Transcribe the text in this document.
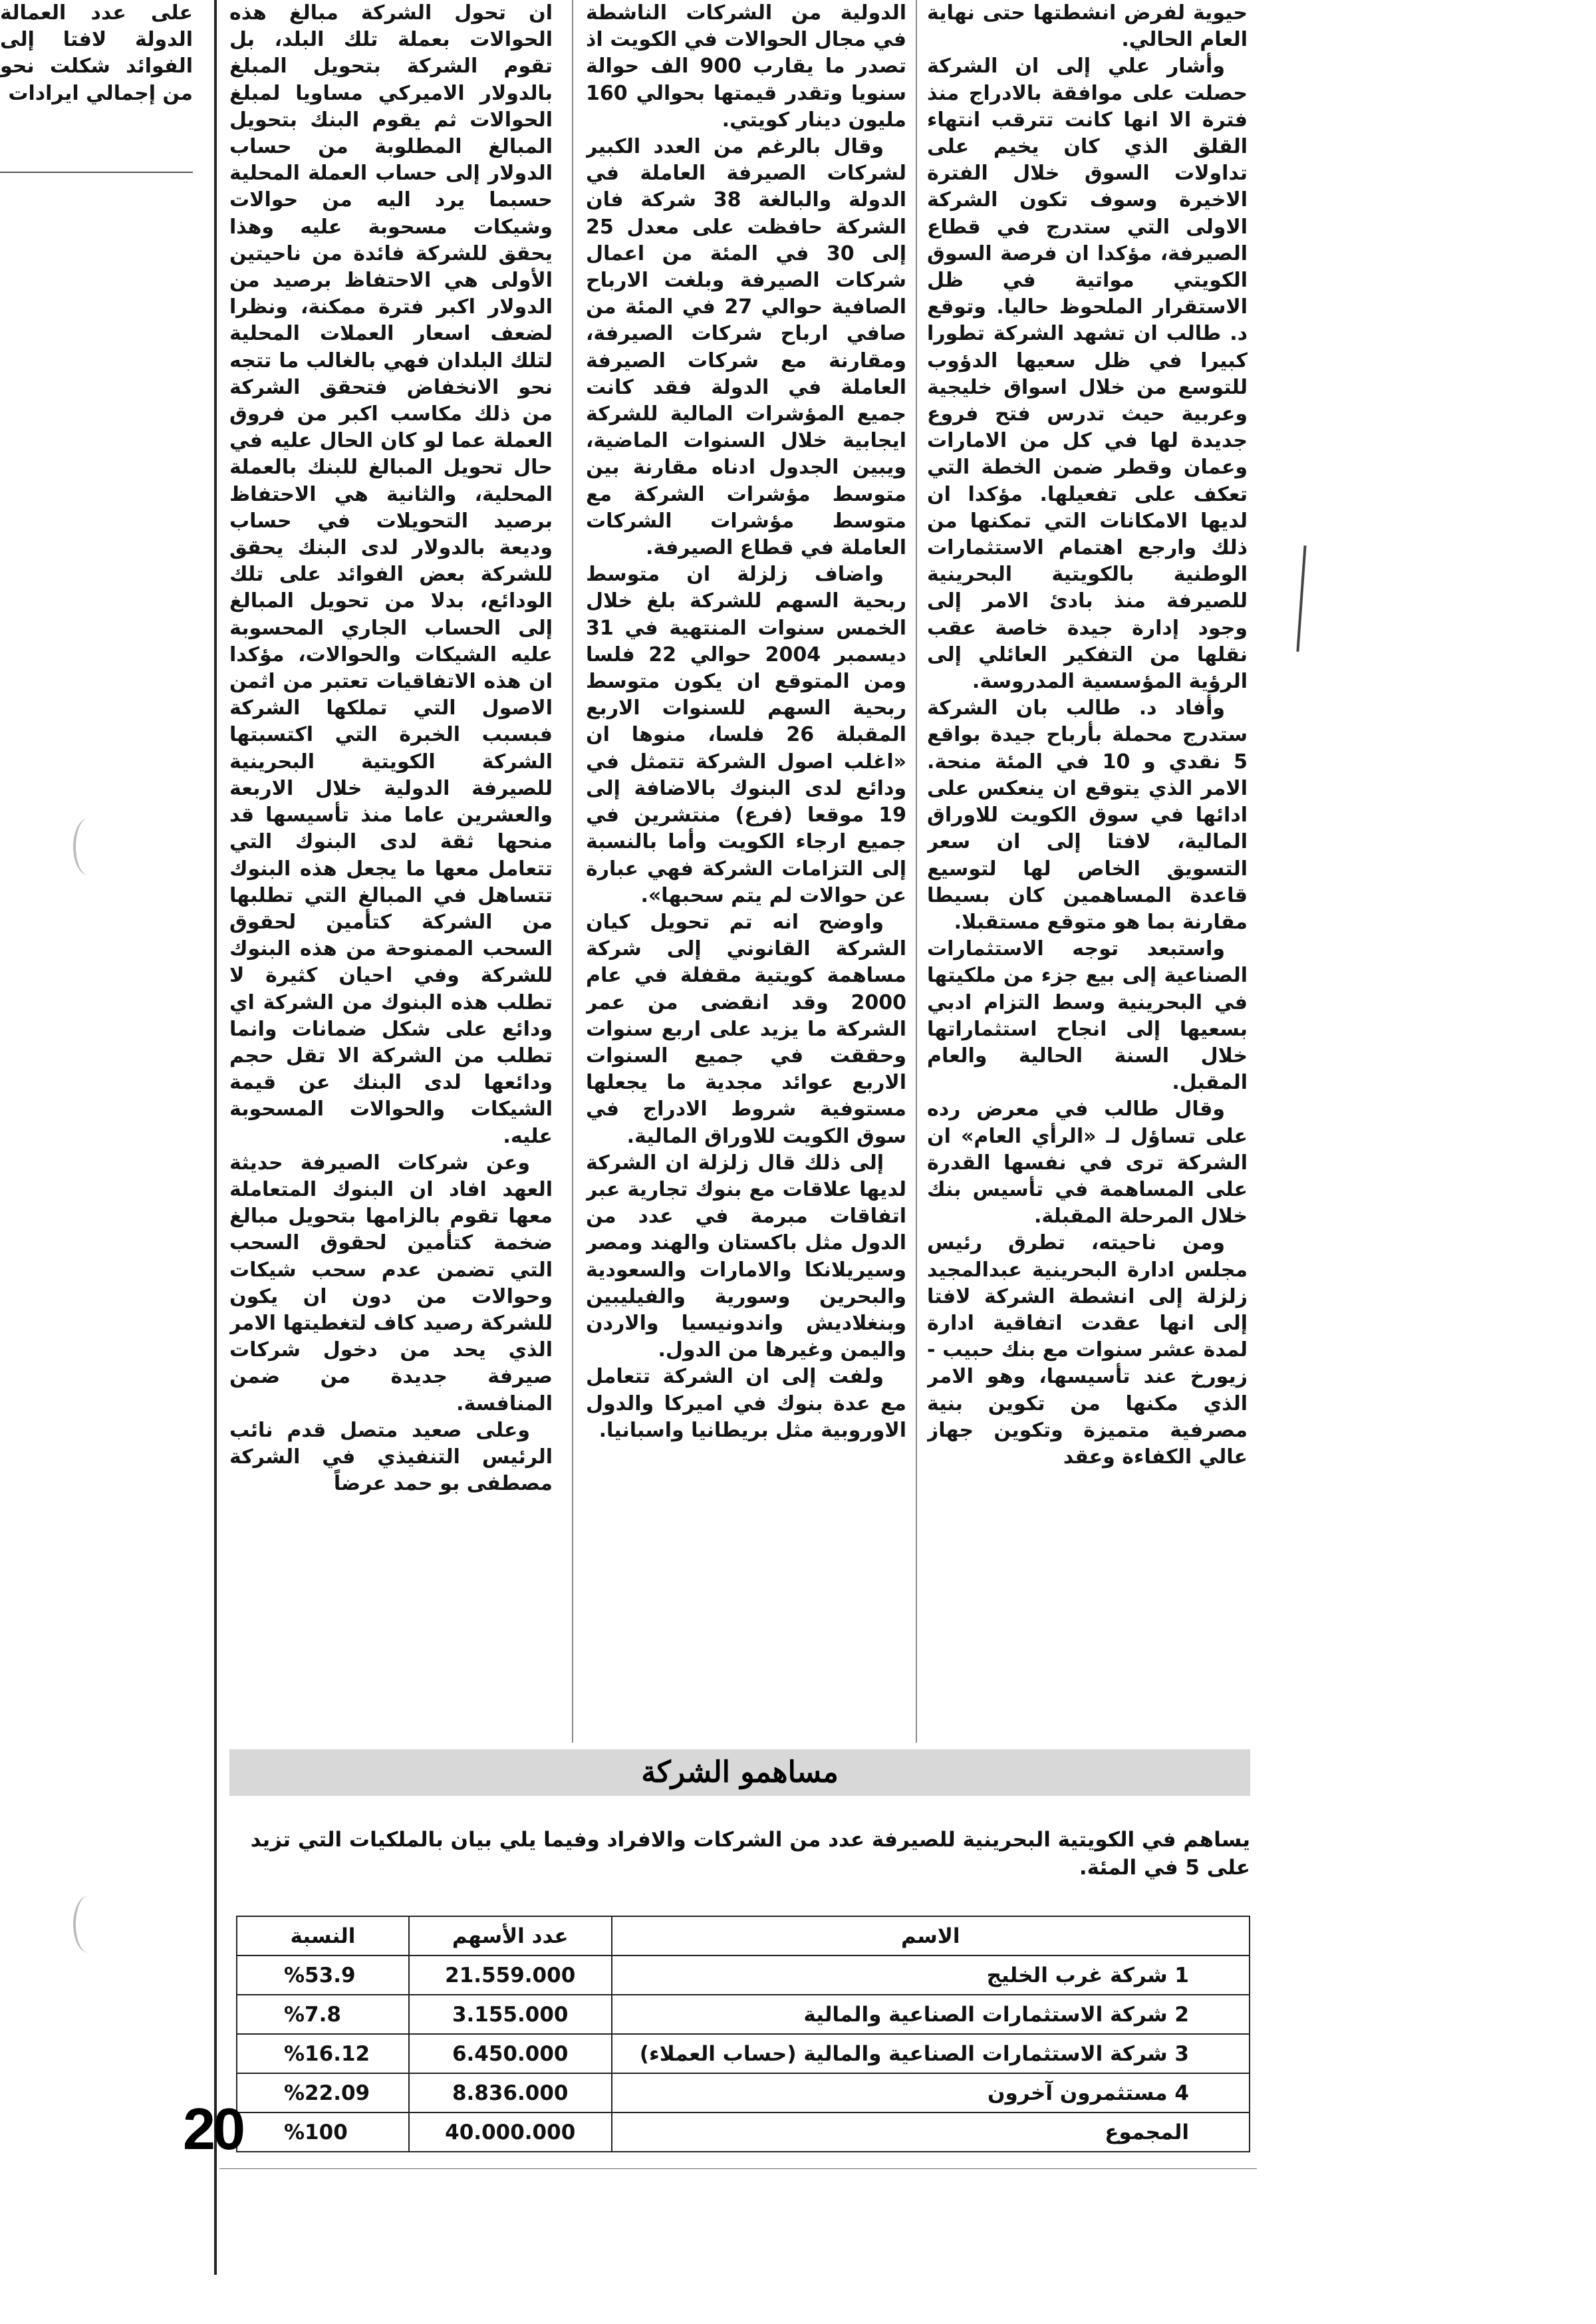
حيوية لفرض انشطتها حتى نهاية العام الحالي.

وأشار علي إلى ان الشركة حصلت على موافقة بالادراج منذ فترة الا انها كانت تترقب انتهاء القلق الذي كان يخيم على تداولات السوق خلال الفترة الاخيرة وسوف تكون الشركة الاولى التي ستدرج في قطاع الصيرفة، مؤكدا ان فرصة السوق الكويتي مواتية في ظل الاستقرار الملحوظ حاليا. وتوقع د. طالب ان تشهد الشركة تطورا كبيرا في ظل سعيها الدؤوب للتوسع من خلال اسواق خليجية وعربية حيث تدرس فتح فروع جديدة لها في كل من الامارات وعمان وقطر ضمن الخطة التي تعكف على تفعيلها. مؤكدا ان لديها الامكانات التي تمكنها من ذلك وارجع اهتمام الاستثمارات الوطنية بالكويتية البحرينية للصيرفة منذ بادئ الامر إلى وجود إدارة جيدة خاصة عقب نقلها من التفكير العائلي إلى الرؤية المؤسسية المدروسة.

وأفاد د. طالب بان الشركة ستدرج محملة بأرباح جيدة بواقع 5 نقدي و 10 في المئة منحة. الامر الذي يتوقع ان ينعكس على ادائها في سوق الكويت للاوراق المالية، لافتا إلى ان سعر التسويق الخاص لها لتوسيع قاعدة المساهمين كان بسيطا مقارنة بما هو متوقع مستقبلا.

واستبعد توجه الاستثمارات الصناعية إلى بيع جزء من ملكيتها في البحرينية وسط التزام ادبي بسعيها إلى انجاح استثماراتها خلال السنة الحالية والعام المقبل.

وقال طالب في معرض رده على تساؤل لـ «الرأي العام» ان الشركة ترى في نفسها القدرة على المساهمة في تأسيس بنك خلال المرحلة المقبلة.

ومن ناحيته، تطرق رئيس مجلس ادارة البحرينية عبدالمجيد زلزلة إلى انشطة الشركة لافتا إلى انها عقدت اتفاقية ادارة لمدة عشر سنوات مع بنك حبيب - زيورخ عند تأسيسها، وهو الامر الذي مكنها من تكوين بنية مصرفية متميزة وتكوين جهاز عالي الكفاءة وعقد

الدولية من الشركات الناشطة في مجال الحوالات في الكويت اذ تصدر ما يقارب 900 الف حوالة سنويا وتقدر قيمتها بحوالي 160 مليون دينار كويتي.

وقال بالرغم من العدد الكبير لشركات الصيرفة العاملة في الدولة والبالغة 38 شركة فان الشركة حافظت على معدل 25 إلى 30 في المئة من اعمال شركات الصيرفة وبلغت الارباح الصافية حوالي 27 في المئة من صافي ارباح شركات الصيرفة، ومقارنة مع شركات الصيرفة العاملة في الدولة فقد كانت جميع المؤشرات المالية للشركة ايجابية خلال السنوات الماضية، ويبين الجدول ادناه مقارنة بين متوسط مؤشرات الشركة مع متوسط مؤشرات الشركات العاملة في قطاع الصيرفة.

واضاف زلزلة ان متوسط ربحية السهم للشركة بلغ خلال الخمس سنوات المنتهية في 31 ديسمبر 2004 حوالي 22 فلسا ومن المتوقع ان يكون متوسط ربحية السهم للسنوات الاربع المقبلة 26 فلسا، منوها ان «اغلب اصول الشركة تتمثل في ودائع لدى البنوك بالاضافة إلى 19 موقعا (فرع) منتشرين في جميع ارجاء الكويت وأما بالنسبة إلى التزامات الشركة فهي عبارة عن حوالات لم يتم سحبها».

واوضح انه تم تحويل كيان الشركة القانوني إلى شركة مساهمة كويتية مقفلة في عام 2000 وقد انقضى من عمر الشركة ما يزيد على اربع سنوات وحققت في جميع السنوات الاربع عوائد مجدية ما يجعلها مستوفية شروط الادراج في سوق الكويت للاوراق المالية.

إلى ذلك قال زلزلة ان الشركة لديها علاقات مع بنوك تجارية عبر اتفاقات مبرمة في عدد من الدول مثل باكستان والهند ومصر وسيريلانكا والامارات والسعودية والبحرين وسورية والفيليبين وبنغلاديش واندونيسيا والاردن واليمن وغيرها من الدول.

ولفت إلى ان الشركة تتعامل مع عدة بنوك في اميركا والدول الاوروبية مثل بريطانيا واسبانيا.

ان تحول الشركة مبالغ هذه الحوالات بعملة تلك البلد، بل تقوم الشركة بتحويل المبلغ بالدولار الاميركي مساويا لمبلغ الحوالات ثم يقوم البنك بتحويل المبالغ المطلوبة من حساب الدولار إلى حساب العملة المحلية حسبما يرد اليه من حوالات وشيكات مسحوبة عليه وهذا يحقق للشركة فائدة من ناحيتين الأولى هي الاحتفاظ برصيد من الدولار اكبر فترة ممكنة، ونظرا لضعف اسعار العملات المحلية لتلك البلدان فهي بالغالب ما تتجه نحو الانخفاض فتحقق الشركة من ذلك مكاسب اكبر من فروق العملة عما لو كان الحال عليه في حال تحويل المبالغ للبنك بالعملة المحلية، والثانية هي الاحتفاظ برصيد التحويلات في حساب وديعة بالدولار لدى البنك يحقق للشركة بعض الفوائد على تلك الودائع، بدلا من تحويل المبالغ إلى الحساب الجاري المحسوبة عليه الشيكات والحوالات، مؤكدا ان هذه الاتفاقيات تعتبر من اثمن الاصول التي تملكها الشركة فبسبب الخبرة التي اكتسبتها الشركة الكويتية البحرينية للصيرفة الدولية خلال الاربعة والعشرين عاما منذ تأسيسها قد منحها ثقة لدى البنوك التي تتعامل معها ما يجعل هذه البنوك تتساهل في المبالغ التي تطلبها من الشركة كتأمين لحقوق السحب الممنوحة من هذه البنوك للشركة وفي احيان كثيرة لا تطلب هذه البنوك من الشركة اي ودائع على شكل ضمانات وانما تطلب من الشركة الا تقل حجم ودائعها لدى البنك عن قيمة الشيكات والحوالات المسحوبة عليه.

وعن شركات الصيرفة حديثة العهد افاد ان البنوك المتعاملة معها تقوم بالزامها بتحويل مبالغ ضخمة كتأمين لحقوق السحب التي تضمن عدم سحب شيكات وحوالات من دون ان يكون للشركة رصيد كاف لتغطيتها الامر الذي يحد من دخول شركات صيرفة جديدة من ضمن المنافسة.

وعلى صعيد متصل قدم نائب الرئيس التنفيذي في الشركة مصطفى بو حمد عرضاً

على عدد العمالة الدولة لافتا إلى الفوائد شكلت نحو من إجمالي ايرادات

مساهمو الشركة
يساهم في الكويتية البحرينية للصيرفة عدد من الشركات والافراد وفيما يلي بيان بالملكيات التي تزيد على 5 في المئة.
الاسم	عدد الأسهم	النسبة
1 شركة غرب الخليج	21.559.000	%53.9
2 شركة الاستثمارات الصناعية والمالية	3.155.000	%7.8
3 شركة الاستثمارات الصناعية والمالية (حساب العملاء)	6.450.000	%16.12
4 مستثمرون آخرون	8.836.000	%22.09
المجموع	40.000.000	%100
20
